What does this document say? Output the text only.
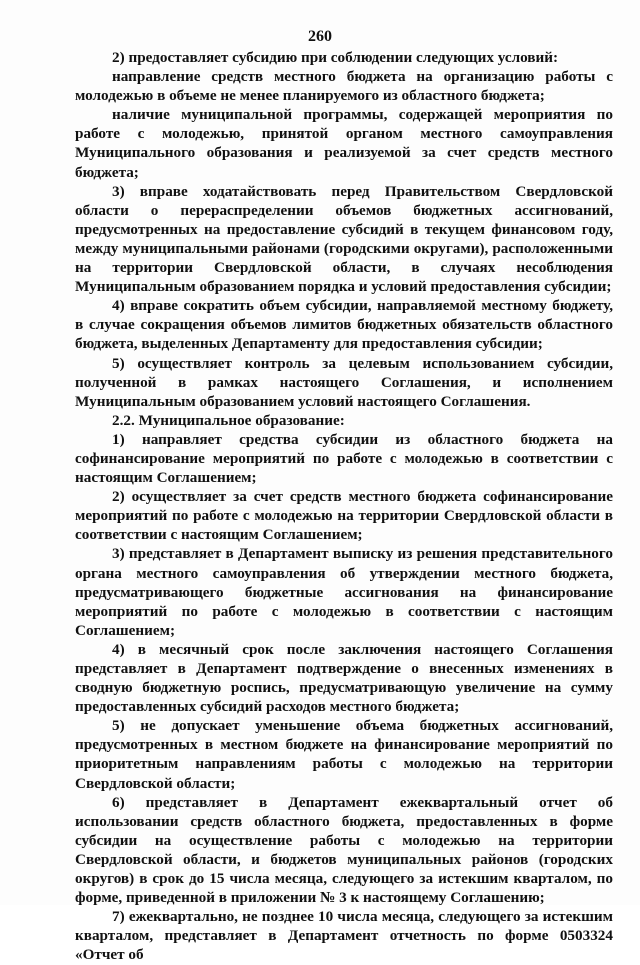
260

2) предоставляет субсидию при соблюдении следующих условий:

направление средств местного бюджета на организацию работы с молодежью в объеме не менее планируемого из областного бюджета;

наличие муниципальной программы, содержащей мероприятия по работе с молодежью, принятой органом местного самоуправления Муниципального образования и реализуемой за счет средств местного бюджета;

3) вправе ходатайствовать перед Правительством Свердловской области о перераспределении объемов бюджетных ассигнований, предусмотренных на предоставление субсидий в текущем финансовом году, между муниципальными районами (городскими округами), расположенными на территории Свердловской области, в случаях несоблюдения Муниципальным образованием порядка и условий предоставления субсидии;

4) вправе сократить объем субсидии, направляемой местному бюджету, в случае сокращения объемов лимитов бюджетных обязательств областного бюджета, выделенных Департаменту для предоставления субсидии;

5) осуществляет контроль за целевым использованием субсидии, полученной в рамках настоящего Соглашения, и исполнением Муниципальным образованием условий настоящего Соглашения.

2.2. Муниципальное образование:

1) направляет средства субсидии из областного бюджета на софинансирование мероприятий по работе с молодежью в соответствии с настоящим Соглашением;

2) осуществляет за счет средств местного бюджета софинансирование мероприятий по работе с молодежью на территории Свердловской области в соответствии с настоящим Соглашением;

3) представляет в Департамент выписку из решения представительного органа местного самоуправления об утверждении местного бюджета, предусматривающего бюджетные ассигнования на финансирование мероприятий по работе с молодежью в соответствии с настоящим Соглашением;

4) в месячный срок после заключения настоящего Соглашения представляет в Департамент подтверждение о внесенных изменениях в сводную бюджетную роспись, предусматривающую увеличение на сумму предоставленных субсидий расходов местного бюджета;

5) не допускает уменьшение объема бюджетных ассигнований, предусмотренных в местном бюджете на финансирование мероприятий по приоритетным направлениям работы с молодежью на территории Свердловской области;

6) представляет в Департамент ежеквартальный отчет об использовании средств областного бюджета, предоставленных в форме субсидии на осуществление работы с молодежью на территории Свердловской области, и бюджетов муниципальных районов (городских округов) в срок до 15 числа месяца, следующего за истекшим кварталом, по форме, приведенной в приложении № 3 к настоящему Соглашению;

7) ежеквартально, не позднее 10 числа месяца, следующего за истекшим кварталом, представляет в Департамент отчетность по форме 0503324 «Отчет об
